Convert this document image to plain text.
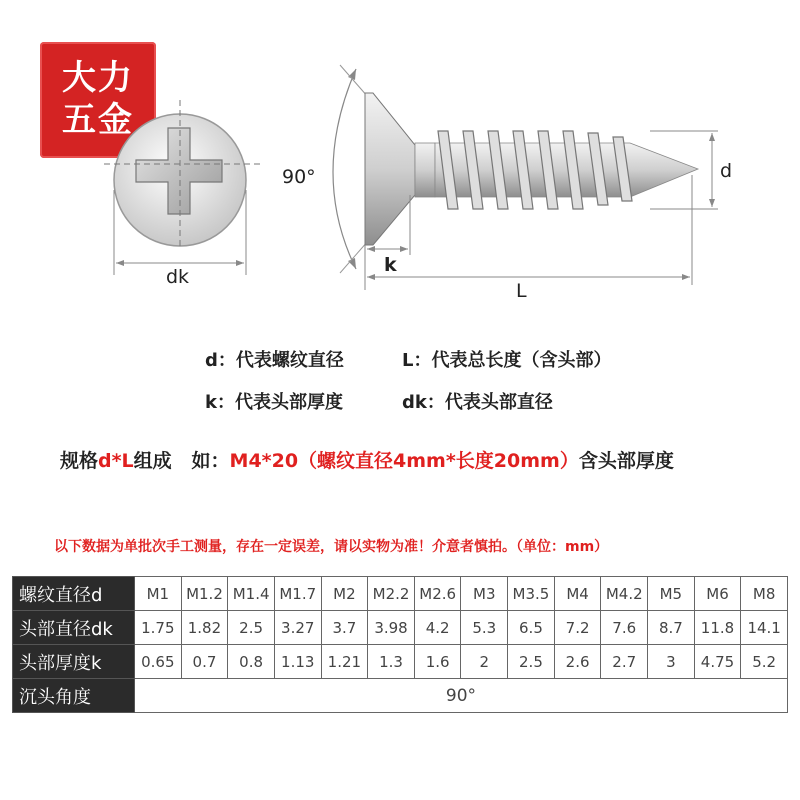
大力
五金
dk
90°
k
L
d
d：代表螺纹直径	L：代表总长度（含头部）
k：代表头部厚度	dk：代表头部直径
规格d*L组成   如：M4*20（螺纹直径4mm*长度20mm）含头部厚度
以下数据为单批次手工测量，存在一定误差，请以实物为准！介意者慎拍。（单位：mm）
螺纹直径d	M1	M1.2	M1.4	M1.7	M2	M2.2	M2.6	M3	M3.5	M4	M4.2	M5	M6	M8
头部直径dk	1.75	1.82	2.5	3.27	3.7	3.98	4.2	5.3	6.5	7.2	7.6	8.7	11.8	14.1
头部厚度k	0.65	0.7	0.8	1.13	1.21	1.3	1.6	2	2.5	2.6	2.7	3	4.75	5.2
沉头角度	90°													
